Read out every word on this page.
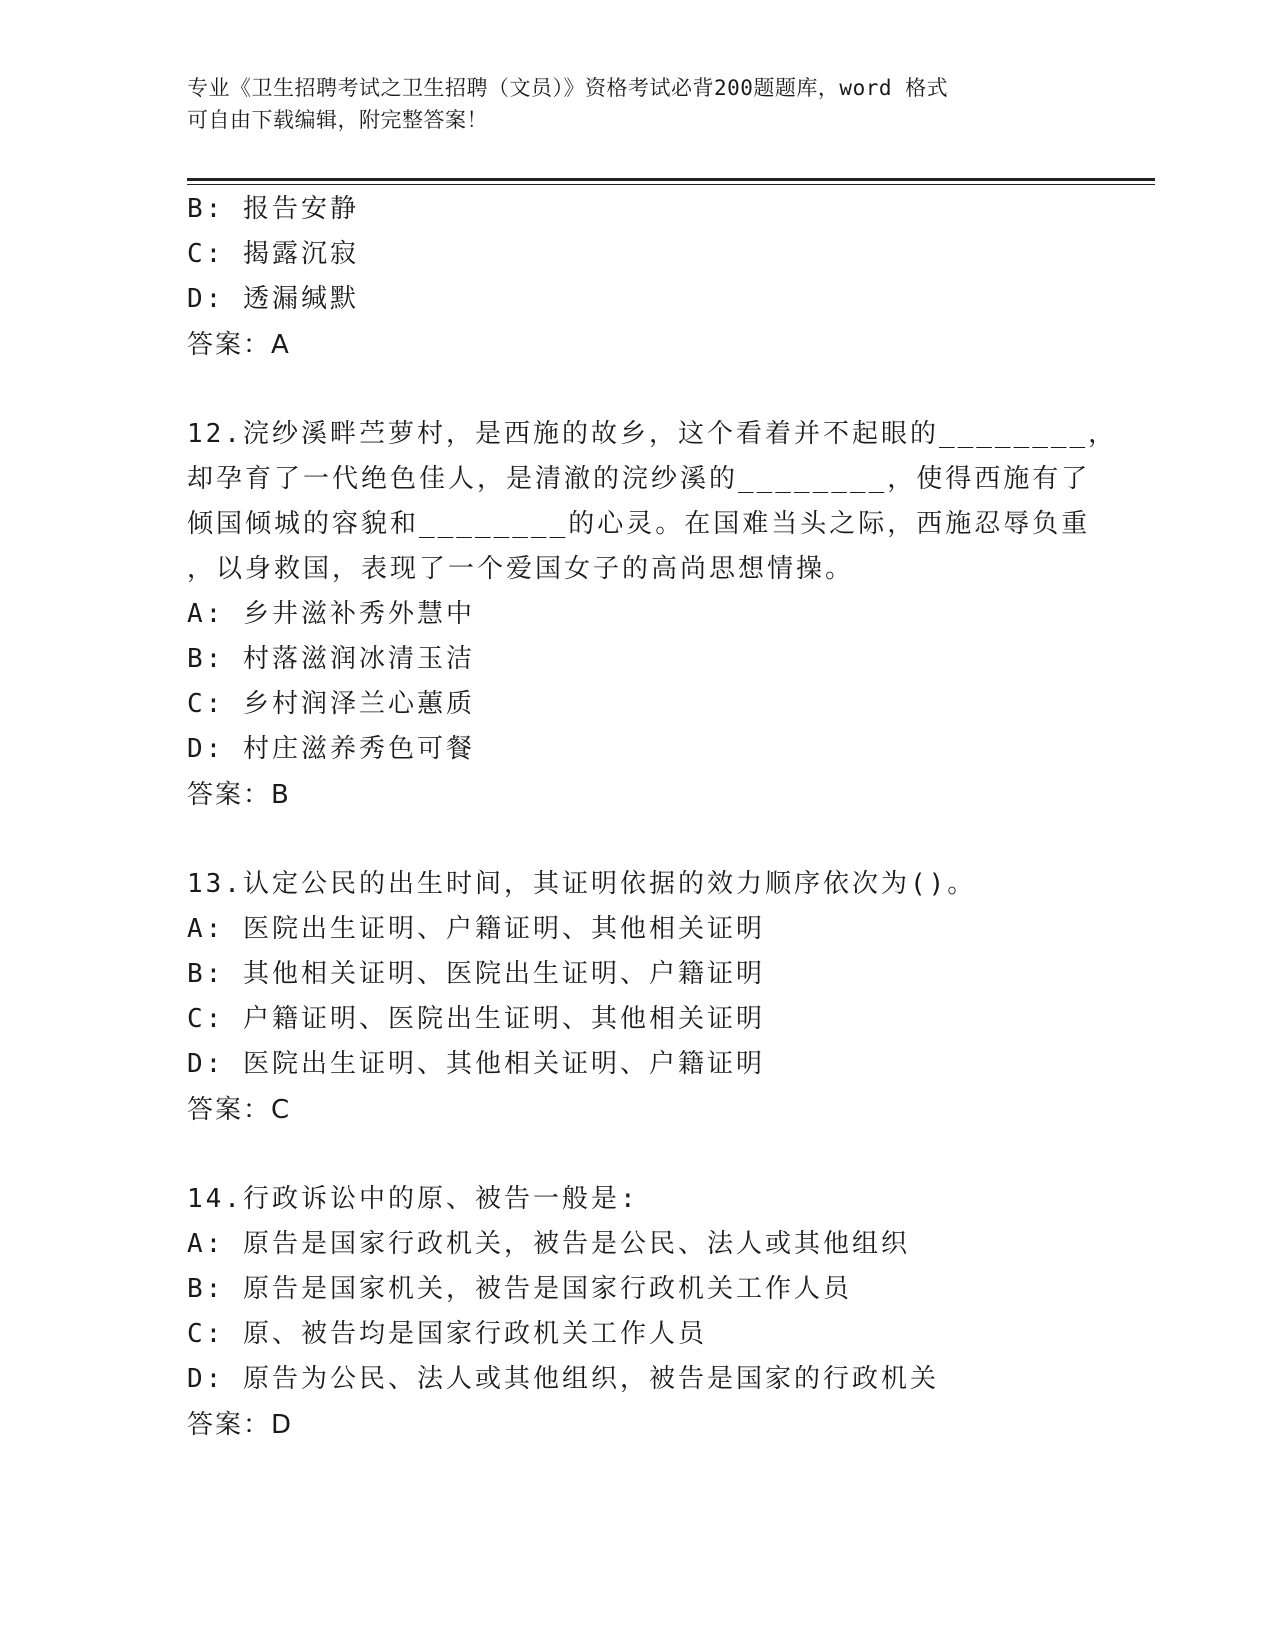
专业《卫生招聘考试之卫生招聘（文员）》资格考试必背200题题库，word 格式
可自由下载编辑，附完整答案！
B: 报告安静
C: 揭露沉寂
D: 透漏缄默
答案：A
12.浣纱溪畔苎萝村，是西施的故乡，这个看着并不起眼的________，
却孕育了一代绝色佳人，是清澈的浣纱溪的________，使得西施有了
倾国倾城的容貌和________的心灵。在国难当头之际，西施忍辱负重
，以身救国，表现了一个爱国女子的高尚思想情操。
A: 乡井滋补秀外慧中
B: 村落滋润冰清玉洁
C: 乡村润泽兰心蕙质
D: 村庄滋养秀色可餐
答案：B
13.认定公民的出生时间，其证明依据的效力顺序依次为()。
A: 医院出生证明、户籍证明、其他相关证明
B: 其他相关证明、医院出生证明、户籍证明
C: 户籍证明、医院出生证明、其他相关证明
D: 医院出生证明、其他相关证明、户籍证明
答案：C
14.行政诉讼中的原、被告一般是:
A: 原告是国家行政机关，被告是公民、法人或其他组织
B: 原告是国家机关，被告是国家行政机关工作人员
C: 原、被告均是国家行政机关工作人员
D: 原告为公民、法人或其他组织，被告是国家的行政机关
答案：D
